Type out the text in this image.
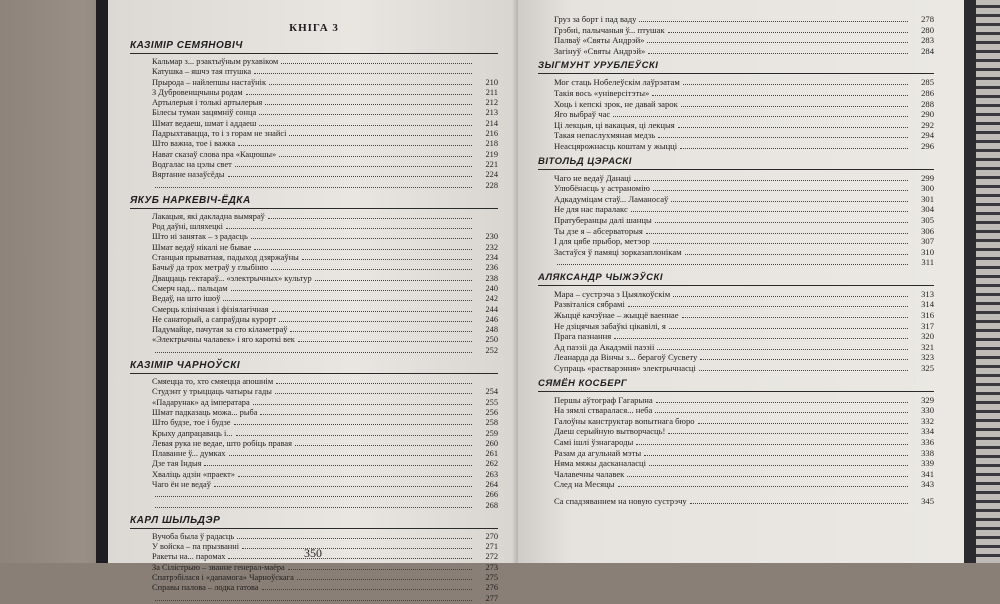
КНІГА 3
КАЗІМІР СЕМЯНОВІЧ
Кальмар з... рэактыўным рухавіком
Катушка – яшчэ тая птушка
Прырода – найлепшы настаўнік	210
З Дубровенщчыны родам	211
Артылерыя і толькі артылерыя	212
Білесы туман зацямніў сонца	213
Шмат ведаеш, шмат і аддаеш	214
Падрыхтавацца, то і з горам не знайсі	216
Што важна, тое і важка	218
Нават сказаў слова пра «Кацюшы»	219
Водгалас на цэлы свет	221
Вяртанне назаўсёды	224
228
ЯКУБ НАРКЕВІЧ-ЁДКА
Лакацыя, які дакладна вымяраў
Род даўні, шляхецкі
Што ні занятак – з радасць	230
Шмат ведаў нікалі не бывае	232
Станцыя прыватная, падыход дзяржаўны	234
Бачыў да трох метраў у глыбіню	236
Дваццаць гектараў... «электрычных» культур	238
Смерч над... пальцам	240
Ведаў, на што ішоў	242
Смерць клінічная і фізіялагічная	244
Не санаторый, а сапраўдны курорт	246
Падумайце, пачутая за сто кіламетраў	248
«Электрычны чалавек» і яго кароткі век	250
252
КАЗІМІР ЧАРНОЎСКІ
Смяецца то, хто смяецца апошнім
Студэнт у трыццаць чатыры гады	254
«Падарунак» ад імператара	255
Шмат падказаць можа... рыба	256
Што будзе, тое і будзе	258
Крыху дапрацаваць і...	259
Левая рука не ведае, што робіць правая	260
Плаванне ў... думках	261
Дзе тая Індыя	262
Хваліць адзін «праект»	263
Чаго ён не ведаў	264
266
268
КАРЛ ШЫЛЬДЭР
Вучоба была ў радасць	270
У войска – па прызванні	271
Ракеты на... паромах	272
За Сілістрыю – званне генерал-маёра	273
Спатрэбілася і «дапамога» Чарноўскага	275
Справы палова – лодка гатова	276
277
350
Груз за борт і пад ваду	278
Грэбні, палычаныя ў... птушак	280
Палваў «Святы Андрэй»	283
Загінуў «Святы Андрэй»	284
ЗЫГМУНТ УРУБЛЕЎСКІ
Мог стаць Нобелеўскім лаўрэатам	285
Такія вось «універсітэты»	286
Хоць і кепскі зрок, не давай зарок	288
Яго выбраў час	290
Ці лекцыя, ці вакацыя, ці лекцыя	292
Такая непаслухмяная медзь	294
Неасцярожнасць коштам у жыцці	296
ВІТОЛЬД ЦЭРАСКІ
Чаго не ведаў Данаці	299
Улюбёнасць у астраномію	300
Адкадуміцам стаў... Ламаносаў	301
Не для нас паралакс	304
Пратуберанцы далі шанцы	305
Ты дзе я – абсерваторыя	306
І для цябе прыбор, метэор	307
Застаўся ў памяці зорказаплонікам	310
311
АЛЯКСАНДР ЧЫЖЭЎСКІ
Мара – сустрэча з Цыялкоўскім	313
Развіталіся сябрамі	314
Жыццё качэўнае – жыццё ваеннае	316
Не дзіцячыя забаўкі цікавілі, я	317
Прага пазнання	320
Ад паэзіі да Акадэміі паэзіі	321
Леанарда да Вінчы з... берагоў Сусвету	323
Супраць «растварэння» электрычнасці	325
СЯМЁН КОСБЕРГ
Першы аўтограф Гагарына	329
На зямлі стваралася... неба	330
Галоўны канструктар вопытнага бюро	332
Даеш серыйную вытворчасць!	334
Самі ішлі ўзнагароды	336
Разам да агульнай мэты	338
Няма мяжы дасканаласці	339
Чалавечны чалавек	341
След на Месяцы	343
Са спадзяваннем на новую сустрэчу	345
